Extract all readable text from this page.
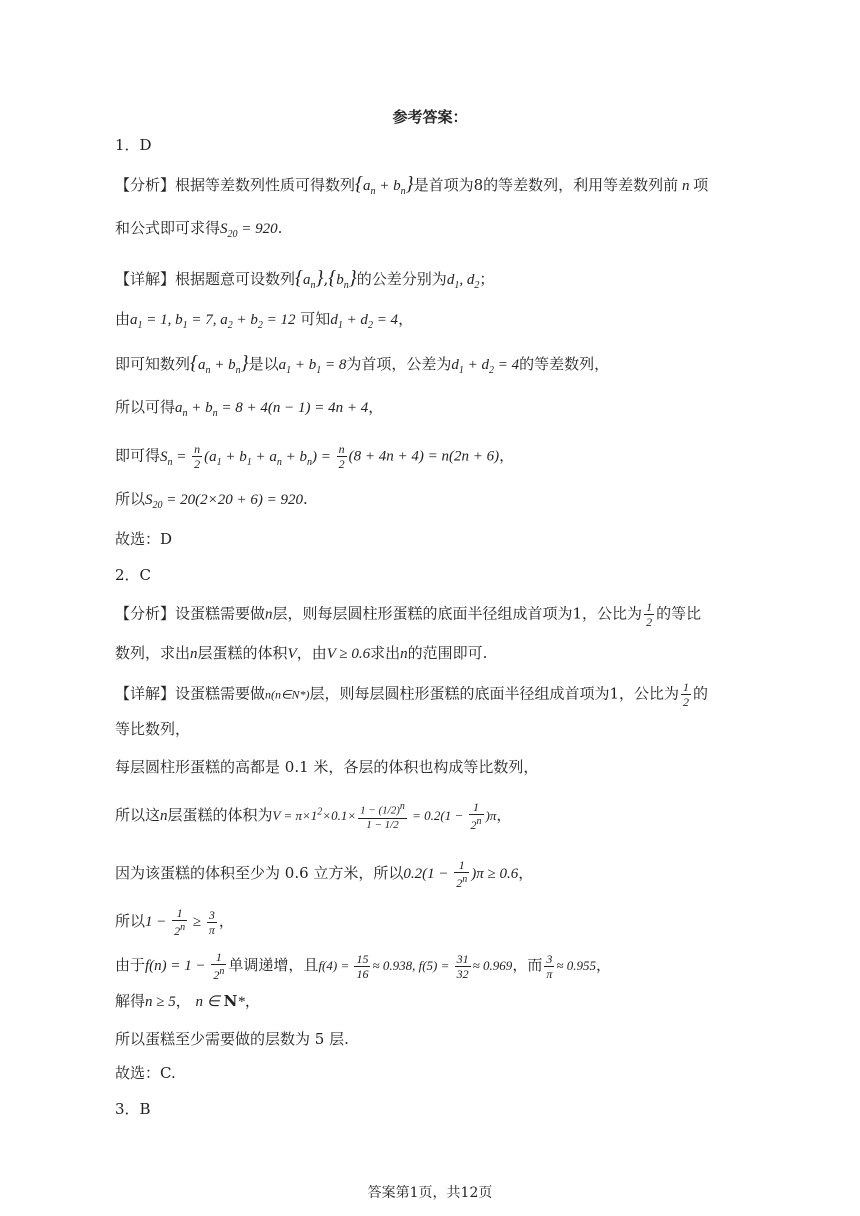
参考答案：
1．D
【分析】根据等差数列性质可得数列$\{a_n + b_n\}$是首项为8的等差数列，利用等差数列前 n 项
和公式即可求得$S_{20} = 920$.
【详解】根据题意可设数列$\{a_n\},\{b_n\}$的公差分别为$d_1$, $d_2$；
由$a_1 = 1$, $b_1 = 7$, $a_2 + b_2 = 12$ 可知$d_1 + d_2 = 4$，
即可知数列$\{a_n + b_n\}$是以$a_1 + b_1 = 8$为首项，公差为$d_1 + d_2 = 4$的等差数列，
所以可得$a_n + b_n = 8 + 4(n - 1) = 4n + 4$，
即可得$S_n = \frac{n}{2} (a_1 + b_1 + a_n + b_n) = \frac{n}{2} (8 + 4n + 4) = n(2n + 6)$，
所以$S_{20} = 20(2\times 20 + 6) = 920$.
故选：D
2．C
【分析】设蛋糕需要做n层，则每层圆柱形蛋糕的底面半径组成首项为1，公比为 $\frac{1}{2}$ 的等比
数列，求出n层蛋糕的体积V，由V ≥ 0.6求出n的范围即可.
【详解】设蛋糕需要做n(n∈N*)层，则每层圆柱形蛋糕的底面半径组成首项为1，公比为 $\frac{1}{2}$ 的
等比数列，
每层圆柱形蛋糕的高都是 0.1 米，各层的体积也构成等比数列，
所以这n层蛋糕的体积为$V = \pi\times 1^2\times 0.1\times \frac{1 - (1/2)^n}{1 - 1/2} = 0.2(1 - \frac{1}{2^n} )\pi$，
因为该蛋糕的体积至少为 0.6 立方米，所以$0.2(1 - \frac{1}{2^n} )\pi \ge 0.6$，
所以$1 - \frac{1}{2^n} \ge \frac{3}{\pi}$ ，
由于$f(n) = 1 - \frac{1}{2^n}$ 单调递增，且$f(4) = \frac{15}{16} \approx 0.938$, $f(5) = \frac{31}{32} \approx 0.969$，而 $\frac{3}{\pi} \approx 0.955$，
解得n ≥ 5， n ∈ N*，
所以蛋糕至少需要做的层数为 5 层.
故选：C.
3．B
答案第1页，共12页
